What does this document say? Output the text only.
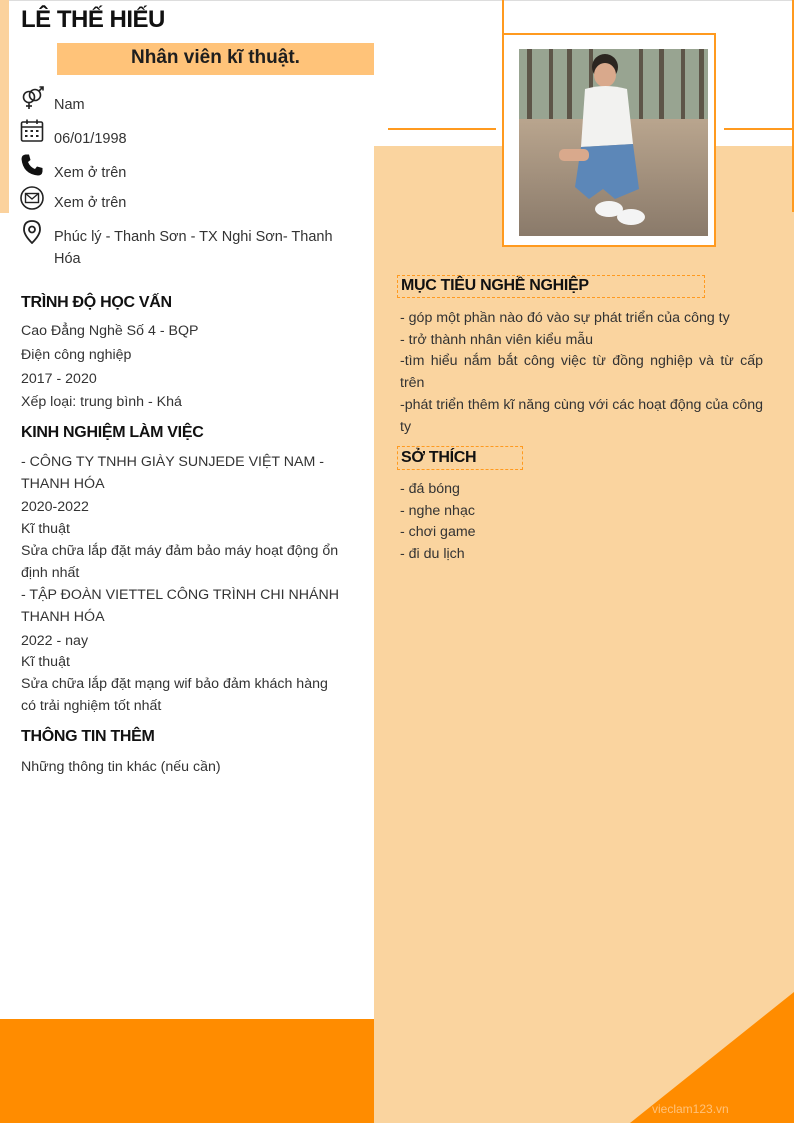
LÊ THẾ HIẾU
Nhân viên kĩ thuật.
Nam
06/01/1998
Xem ở trên
Xem ở trên
Phúc lý - Thanh Sơn - TX Nghi Sơn- Thanh Hóa
TRÌNH ĐỘ HỌC VẤN
Cao Đẳng Nghề Số 4 - BQP
Điện công nghiệp
2017 - 2020
Xếp loại: trung bình - Khá
KINH NGHIỆM LÀM VIỆC
- CÔNG TY TNHH GIÀY SUNJEDE VIỆT NAM - THANH HÓA
2020-2022
Kĩ thuật
Sửa chữa lắp đặt máy đảm bảo máy hoạt động ổn định nhất
- TẬP ĐOÀN VIETTEL CÔNG TRÌNH CHI NHÁNH THANH HÓA
2022 - nay
Kĩ thuật
Sửa chữa lắp đặt mạng wif bảo đảm khách hàng có trải nghiệm tốt nhất
THÔNG TIN THÊM
Những thông tin khác (nếu cần)
MỤC TIÊU NGHỀ NGHIỆP
- góp một phần nào đó vào sự phát triển của công ty
- trở thành nhân viên kiểu mẫu
-tìm hiểu nắm bắt công việc từ đồng nghiệp và từ cấp trên
-phát triển thêm kĩ năng cùng với các hoạt động của công ty
SỞ THÍCH
- đá bóng
- nghe nhạc
- chơi game
- đi du lịch
vieclam123.vn
